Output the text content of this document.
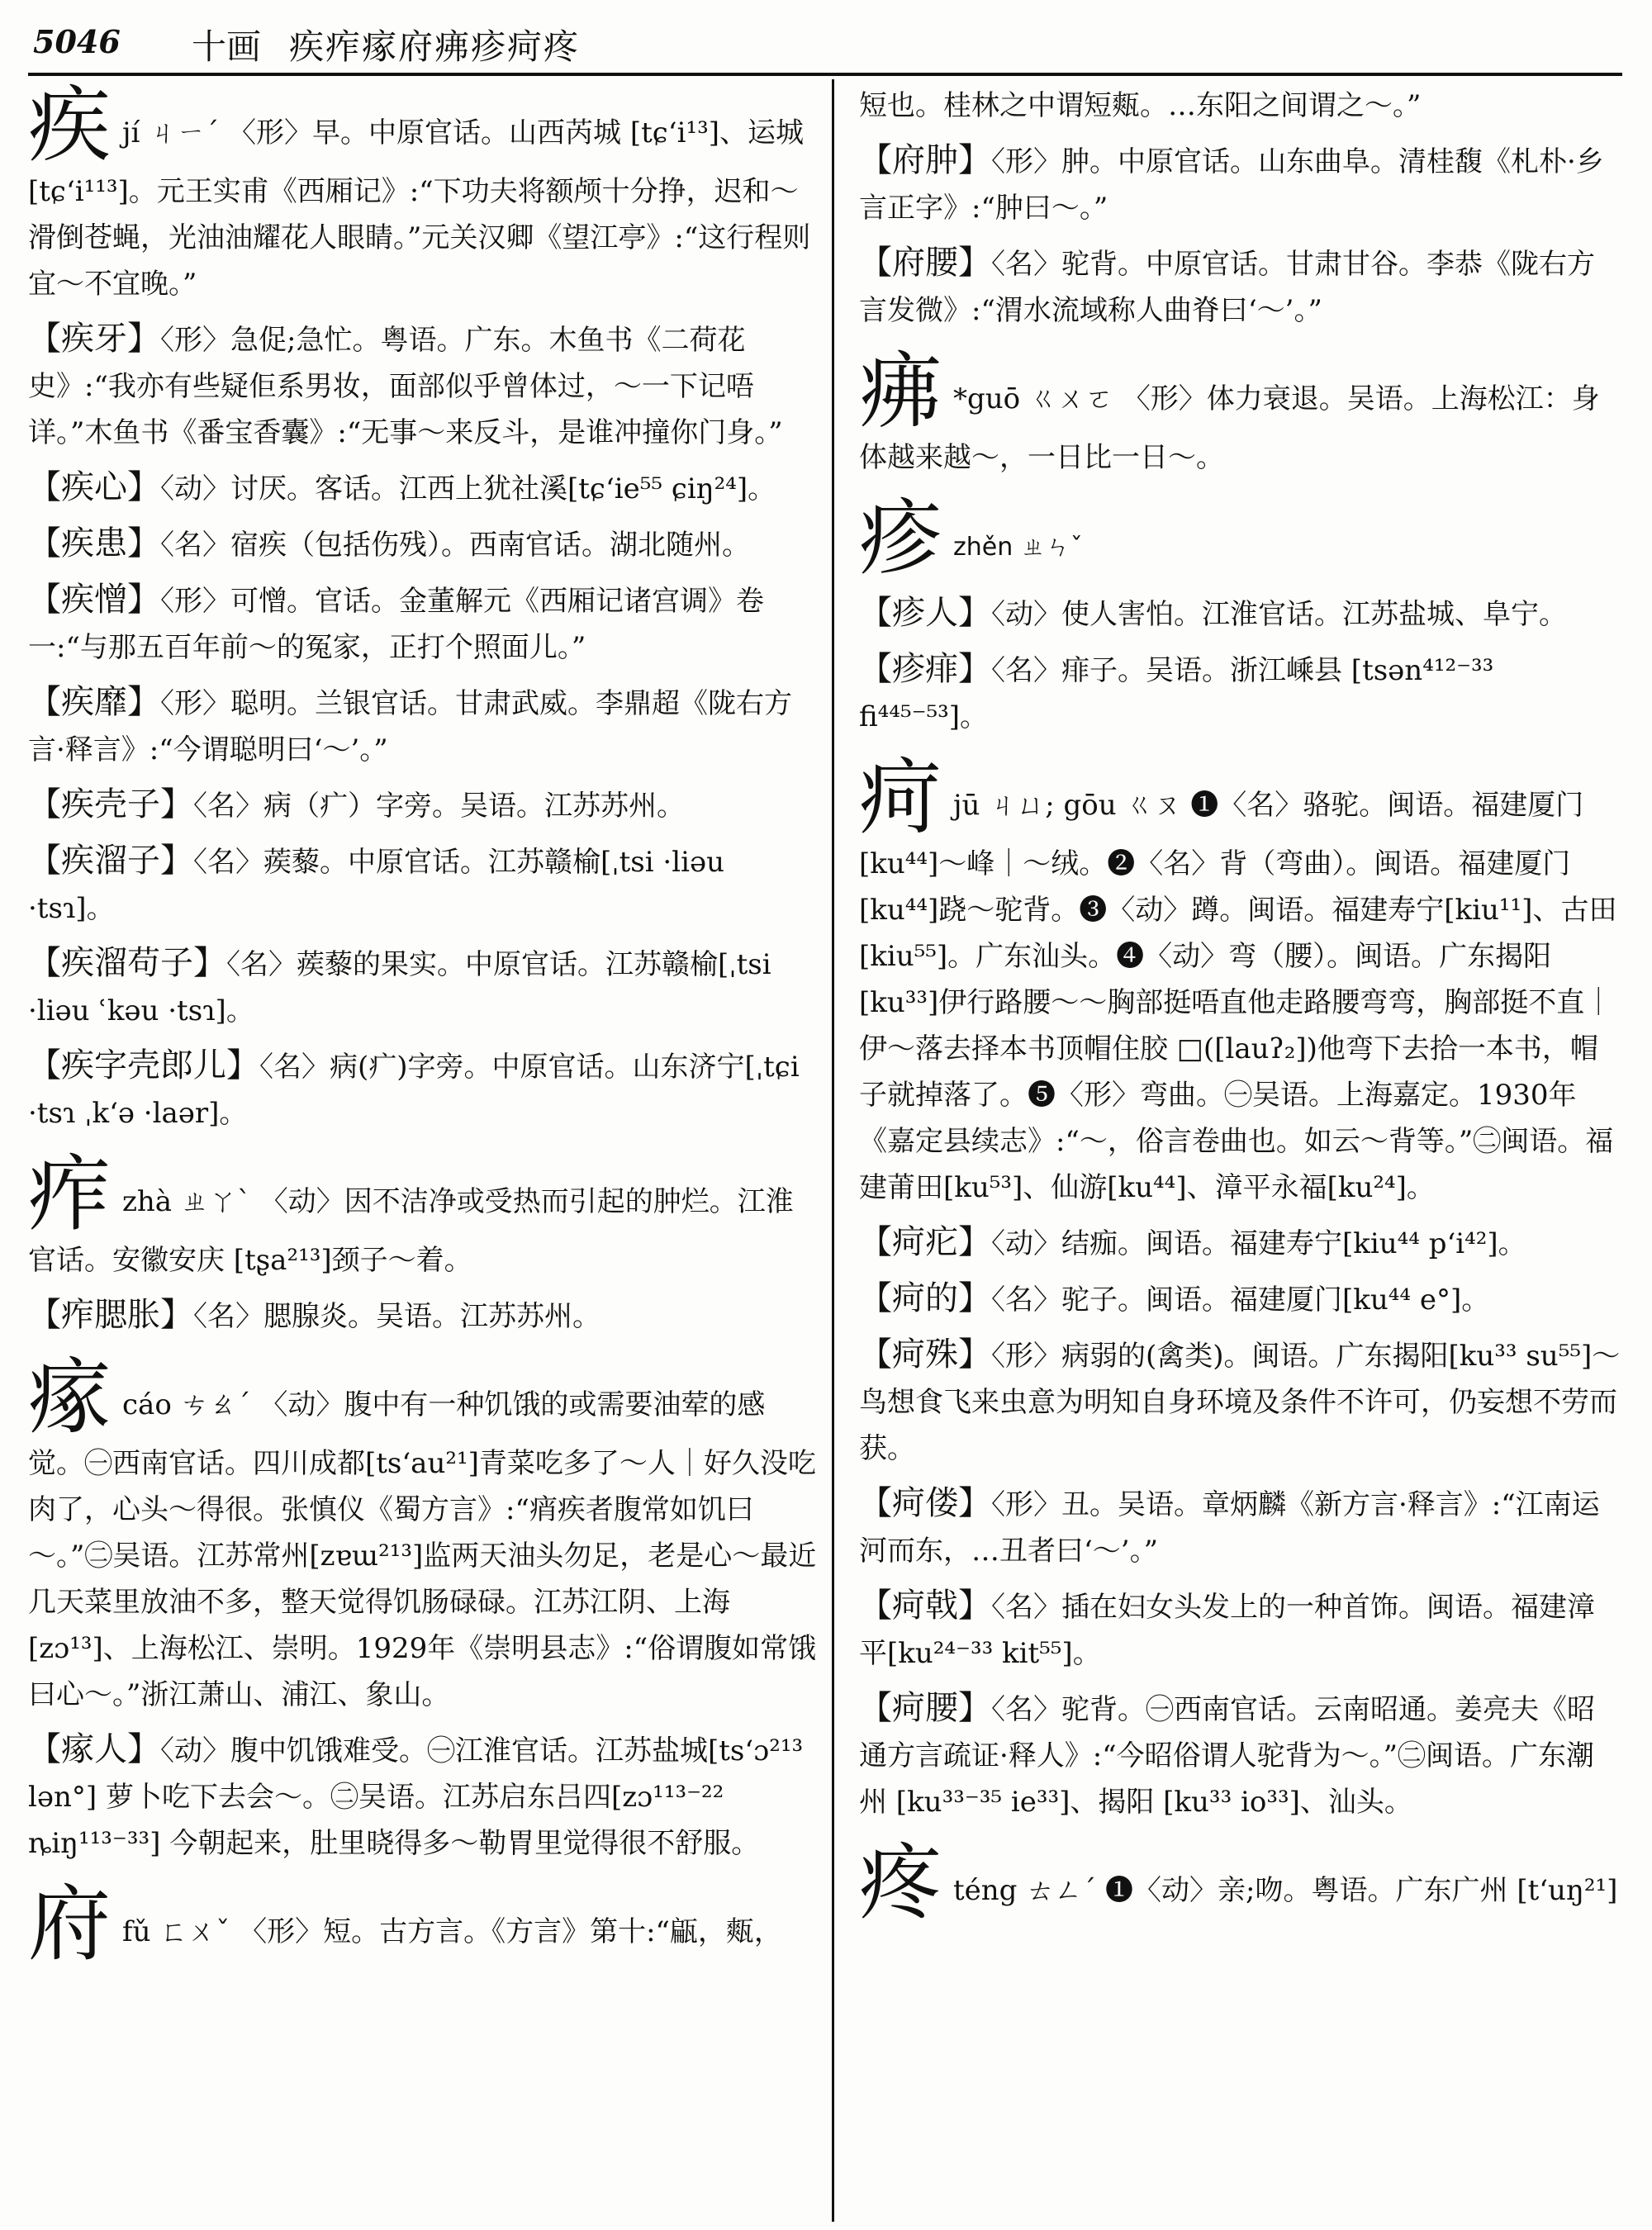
5046 十画 疾痄瘃府疿疹疴疼
疾jí ㄐㄧˊ 〈形〉早。中原官话。山西芮城 [tɕʻi¹³]、运城 [tɕʻi¹¹³]。元王实甫《西厢记》:“下功夫将额颅十分挣，迟和～滑倒苍蝇，光油油耀花人眼睛。”元关汉卿《望江亭》:“这行程则宜～不宜晚。”
【疾牙】〈形〉急促;急忙。粤语。广东。木鱼书《二荷花史》:“我亦有些疑佢系男妆，面部似乎曾体过，～一下记唔详。”木鱼书《番宝香囊》:“无事～来反斗，是谁冲撞你门身。”
【疾心】〈动〉讨厌。客话。江西上犹社溪[tɕʻie⁵⁵ ɕiŋ²⁴]。
【疾患】〈名〉宿疾（包括伤残）。西南官话。湖北随州。
【疾憎】〈形〉可憎。官话。金董解元《西厢记诸宫调》卷一:“与那五百年前～的冤家，正打个照面儿。”
【疾靡】〈形〉聪明。兰银官话。甘肃武威。李鼎超《陇右方言·释言》:“今谓聪明曰‘～’。”
【疾壳子】〈名〉病（疒）字旁。吴语。江苏苏州。
【疾溜子】〈名〉蒺藜。中原官话。江苏赣榆[ˌtsi ·liəu ·tsɿ]。
【疾溜苟子】〈名〉蒺藜的果实。中原官话。江苏赣榆[ˌtsi ·liəu ʿkəu ·tsɿ]。
【疾字壳郎儿】〈名〉病(疒)字旁。中原官话。山东济宁[ˌtɕi ·tsɿ ˌkʻə ·laər]。
痄zhà ㄓㄚˋ 〈动〉因不洁净或受热而引起的肿烂。江淮官话。安徽安庆 [tʂa²¹³]颈子～着。
【痄腮胀】〈名〉腮腺炎。吴语。江苏苏州。
瘃cáo ㄘㄠˊ 〈动〉腹中有一种饥饿的或需要油荤的感觉。㊀西南官话。四川成都[tsʻau²¹]青菜吃多了～人｜好久没吃肉了，心头～得很。张慎仪《蜀方言》:“痟疾者腹常如饥曰～。”㊁吴语。江苏常州[zɐɯ²¹³]监两天油头勿足，老是心～最近几天菜里放油不多，整天觉得饥肠碌碌。江苏江阴、上海[zɔ¹³]、上海松江、崇明。1929年《崇明县志》:“俗谓腹如常饿曰心～。”浙江萧山、浦江、象山。
【瘃人】〈动〉腹中饥饿难受。㊀江淮官话。江苏盐城[tsʻɔ²¹³ lən°] 萝卜吃下去会～。㊁吴语。江苏启东吕四[zɔ¹¹³⁻²² ȵiŋ¹¹³⁻³³] 今朝起来，肚里晓得多～勒胃里觉得很不舒服。
府fǔ ㄈㄨˇ 〈形〉短。古方言。《方言》第十:“甂，㼽，
短也。桂林之中谓短㼽。…东阳之间谓之～。”
【府肿】〈形〉肿。中原官话。山东曲阜。清桂馥《札朴·乡言正字》:“肿曰～。”
【府腰】〈名〉驼背。中原官话。甘肃甘谷。李恭《陇右方言发微》:“渭水流域称人曲脊曰‘～’。”
疿 *guō ㄍㄨㄛ 〈形〉体力衰退。吴语。上海松江：身体越来越～，一日比一日～。
疹zhěn ㄓㄣˇ
【疹人】〈动〉使人害怕。江淮官话。江苏盐城、阜宁。
【疹痱】〈名〉痱子。吴语。浙江嵊县 [tsən⁴¹²⁻³³ fi⁴⁴⁵⁻⁵³]。
疴jū ㄐㄩ; gōu ㄍㄡ ❶〈名〉骆驼。闽语。福建厦门[ku⁴⁴]～峰｜～绒。❷〈名〉背（弯曲）。闽语。福建厦门[ku⁴⁴]跷～驼背。❸〈动〉蹲。闽语。福建寿宁[kiu¹¹]、古田[kiu⁵⁵]。广东汕头。❹〈动〉弯（腰）。闽语。广东揭阳[ku³³]伊行路腰～～胸部挺唔直他走路腰弯弯，胸部挺不直｜伊～落去择本书顶帽住胶 □([lauʔ₂])他弯下去拾一本书，帽子就掉落了。❺〈形〉弯曲。㊀吴语。上海嘉定。1930年《嘉定县续志》:“～，俗言卷曲也。如云～背等。”㊁闽语。福建莆田[ku⁵³]、仙游[ku⁴⁴]、漳平永福[ku²⁴]。
【疴疕】〈动〉结痂。闽语。福建寿宁[kiu⁴⁴ pʻi⁴²]。
【疴的】〈名〉驼子。闽语。福建厦门[ku⁴⁴ e°]。
【疴殊】〈形〉病弱的(禽类)。闽语。广东揭阳[ku³³ su⁵⁵]～鸟想食飞来虫意为明知自身环境及条件不许可，仍妄想不劳而获。
【疴偻】〈形〉丑。吴语。章炳麟《新方言·释言》:“江南运河而东，…丑者曰‘～’。”
【疴戟】〈名〉插在妇女头发上的一种首饰。闽语。福建漳平[ku²⁴⁻³³ kit⁵⁵]。
【疴腰】〈名〉驼背。㊀西南官话。云南昭通。姜亮夫《昭通方言疏证·释人》:“今昭俗谓人驼背为～。”㊁闽语。广东潮州 [ku³³⁻³⁵ ie³³]、揭阳 [ku³³ io³³]、汕头。
疼téng ㄊㄥˊ ❶〈动〉亲;吻。粤语。广东广州 [tʻuŋ²¹]
